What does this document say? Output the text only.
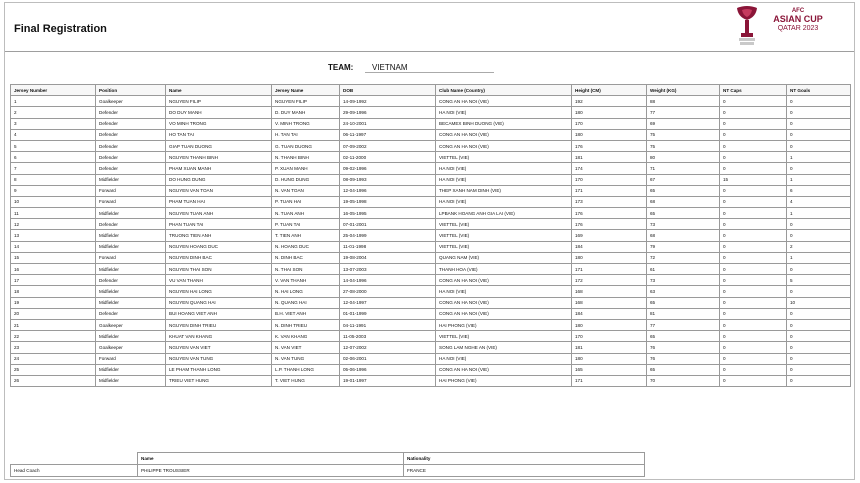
Final Registration
AFC
ASIAN CUP
QATAR 2023
TEAM:	VIETNAM
Jersey Number	Position	Name	Jersey Name	DOB	Club Name (Country)	Height (CM)	Weight (KG)	NT Caps	NT Goals
1	Goalkeeper	NGUYEN FILIP	NGUYEN FILIP	14-09-1992	CONG AN HA NOI (VIE)	192	88	0	0
2	Defender	DO DUY MANH	D. DUY MANH	29-09-1996	HA NOI (VIE)	180	77	0	0
3	Defender	VO MINH TRONG	V. MINH TRONG	24-10-2001	BECAMEX BINH DUONG (VIE)	170	69	0	0
4	Defender	HO TAN TAI	H. TAN TAI	06-11-1997	CONG AN HA NOI (VIE)	180	75	0	0
5	Defender	GIAP TUAN DUONG	G. TUAN DUONG	07-09-2002	CONG AN HA NOI (VIE)	176	75	0	0
6	Defender	NGUYEN THANH BINH	N. THANH BINH	02-11-2000	VIETTEL (VIE)	181	80	0	1
7	Defender	PHAM XUAN MANH	P. XUAN MANH	09-02-1996	HA NOI (VIE)	174	71	0	0
8	Midfielder	DO HUNG DUNG	D. HUNG DUNG	08-09-1993	HA NOI (VIE)	170	67	15	1
9	Forward	NGUYEN VAN TOAN	N. VAN TOAN	12-04-1996	THEP XANH NAM DINH (VIE)	171	65	0	6
10	Forward	PHAM TUAN HAI	P. TUAN HAI	19-05-1998	HA NOI (VIE)	173	68	0	4
11	Midfielder	NGUYEN TUAN ANH	N. TUAN ANH	16-05-1995	LPBANK HOANG ANH GIA LAI (VIE)	176	65	0	1
12	Defender	PHAN TUAN TAI	P. TUAN TAI	07-01-2001	VIETTEL (VIE)	176	73	0	0
13	Midfielder	TRUONG TIEN ANH	T. TIEN ANH	25-04-1999	VIETTEL (VIE)	169	68	0	0
14	Midfielder	NGUYEN HOANG DUC	N. HOANG DUC	11-01-1998	VIETTEL (VIE)	184	79	0	2
15	Forward	NGUYEN DINH BAC	N. DINH BAC	19-08-2004	QUANG NAM (VIE)	180	72	0	1
16	Midfielder	NGUYEN THAI SON	N. THAI SON	13-07-2003	THANH HOA (VIE)	171	61	0	0
17	Defender	VU VAN THANH	V. VAN THANH	14-04-1996	CONG AN HA NOI (VIE)	172	73	0	5
18	Midfielder	NGUYEN HAI LONG	N. HAI LONG	27-08-2000	HA NOI (VIE)	168	63	0	0
19	Midfielder	NGUYEN QUANG HAI	N. QUANG HAI	12-04-1997	CONG AN HA NOI (VIE)	168	65	0	10
20	Defender	BUI HOANG VIET ANH	B.H. VIET ANH	01-01-1999	CONG AN HA NOI (VIE)	184	81	0	0
21	Goalkeeper	NGUYEN DINH TRIEU	N. DINH TRIEU	04-11-1991	HAI PHONG (VIE)	180	77	0	0
22	Midfielder	KHUAT VAN KHANG	K. VAN KHANG	11-05-2003	VIETTEL (VIE)	170	65	0	0
23	Goalkeeper	NGUYEN VAN VIET	N. VAN VIET	12-07-2002	SONG LAM NGHE AN (VIE)	181	76	0	0
24	Forward	NGUYEN VAN TUNG	N. VAN TUNG	02-06-2001	HA NOI (VIE)	180	76	0	0
25	Midfielder	LE PHAM THANH LONG	L.P. THANH LONG	05-06-1996	CONG AN HA NOI (VIE)	165	65	0	0
26	Midfielder	TRIEU VIET HUNG	T. VIET HUNG	19-01-1997	HAI PHONG (VIE)	171	70	0	0
	Name	Nationality
Head Coach	PHILIPPE TROUSSIER	FRANCE
